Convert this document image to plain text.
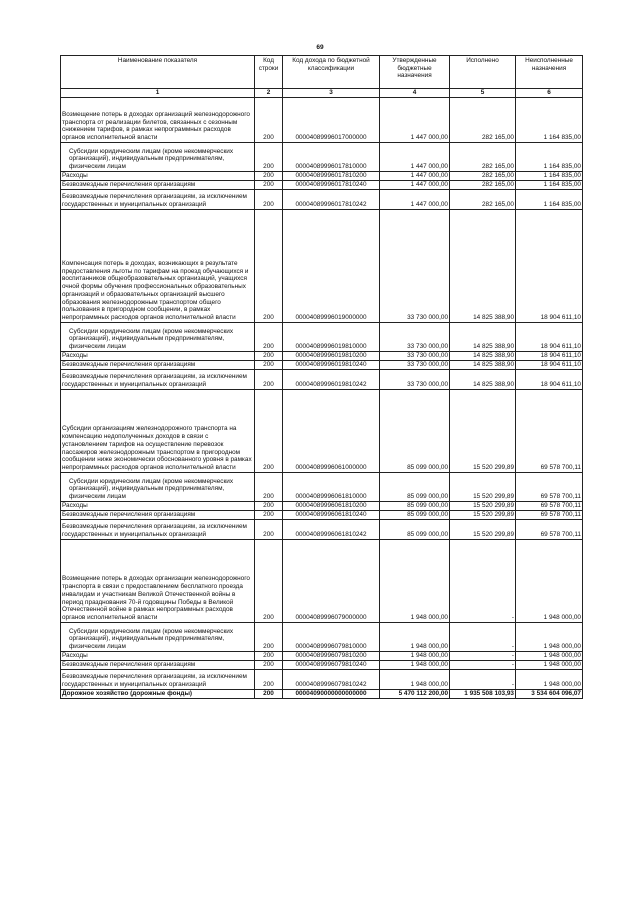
69
Наименование показателя	Код строки	Код дохода по бюджетной классификации	Утвержденные бюджетные назначения	Исполнено	Неисполненные назначения
1	2	3	4	5	6
Возмещение потерь в доходах организаций железнодорожного транспорта от реализации билетов, связанных с сезонным снижением тарифов, в рамках непрограммных расходов органов исполнительной власти	200	00004089996017000000	1 447 000,00	282 165,00	1 164 835,00
Субсидии юридическим лицам (кроме некоммерческих организаций), индивидуальным предпринимателям, физическим лицам	200	00004089996017810000	1 447 000,00	282 165,00	1 164 835,00
Расходы	200	00004089996017810200	1 447 000,00	282 165,00	1 164 835,00
Безвозмездные перечисления организациям	200	00004089996017810240	1 447 000,00	282 165,00	1 164 835,00
Безвозмездные перечисления организациям, за исключением государственных и муниципальных организаций	200	00004089996017810242	1 447 000,00	282 165,00	1 164 835,00
Компенсация потерь в доходах, возникающих в результате предоставления льготы по тарифам на проезд обучающихся и воспитанников общеобразовательных организаций, учащихся очной формы обучения профессиональных образовательных организаций и образовательных организаций высшего образования железнодорожным транспортом общего пользования в пригородном сообщении, в рамках непрограммных расходов органов исполнительной власти	200	00004089996019000000	33 730 000,00	14 825 388,90	18 904 611,10
Субсидии юридическим лицам (кроме некоммерческих организаций), индивидуальным предпринимателям, физическим лицам	200	00004089996019810000	33 730 000,00	14 825 388,90	18 904 611,10
Расходы	200	00004089996019810200	33 730 000,00	14 825 388,90	18 904 611,10
Безвозмездные перечисления организациям	200	00004089996019810240	33 730 000,00	14 825 388,90	18 904 611,10
Безвозмездные перечисления организациям, за исключением государственных и муниципальных организаций	200	00004089996019810242	33 730 000,00	14 825 388,90	18 904 611,10
Субсидии организациям железнодорожного транспорта на компенсацию недополученных доходов в связи с установлением тарифов на осуществление перевозок пассажиров железнодорожным транспортом в пригородном сообщении ниже экономически обоснованного уровня в рамках непрограммных расходов органов исполнительной власти	200	00004089996061000000	85 099 000,00	15 520 299,89	69 578 700,11
Субсидии юридическим лицам (кроме некоммерческих организаций), индивидуальным предпринимателям, физическим лицам	200	00004089996061810000	85 099 000,00	15 520 299,89	69 578 700,11
Расходы	200	00004089996061810200	85 099 000,00	15 520 299,89	69 578 700,11
Безвозмездные перечисления организациям	200	00004089996061810240	85 099 000,00	15 520 299,89	69 578 700,11
Безвозмездные перечисления организациям, за исключением государственных и муниципальных организаций	200	00004089996061810242	85 099 000,00	15 520 299,89	69 578 700,11
Возмещение потерь в доходах организации железнодорожного транспорта в связи с предоставлением бесплатного проезда инвалидам и участникам Великой Отечественной войны в период празднования 70-й годовщины Победы в Великой Отечественной войне в рамках непрограммных расходов органов исполнительной власти	200	00004089996079000000	1 948 000,00	-	1 948 000,00
Субсидии юридическим лицам (кроме некоммерческих организаций), индивидуальным предпринимателям, физическим лицам	200	00004089996079810000	1 948 000,00	-	1 948 000,00
Расходы	200	00004089996079810200	1 948 000,00	-	1 948 000,00
Безвозмездные перечисления организациям	200	00004089996079810240	1 948 000,00	-	1 948 000,00
Безвозмездные перечисления организациям, за исключением государственных и муниципальных организаций	200	00004089996079810242	1 948 000,00	-	1 948 000,00
Дорожное хозяйство (дорожные фонды)	200	00004090000000000000	5 470 112 200,00	1 935 508 103,93	3 534 604 096,07
